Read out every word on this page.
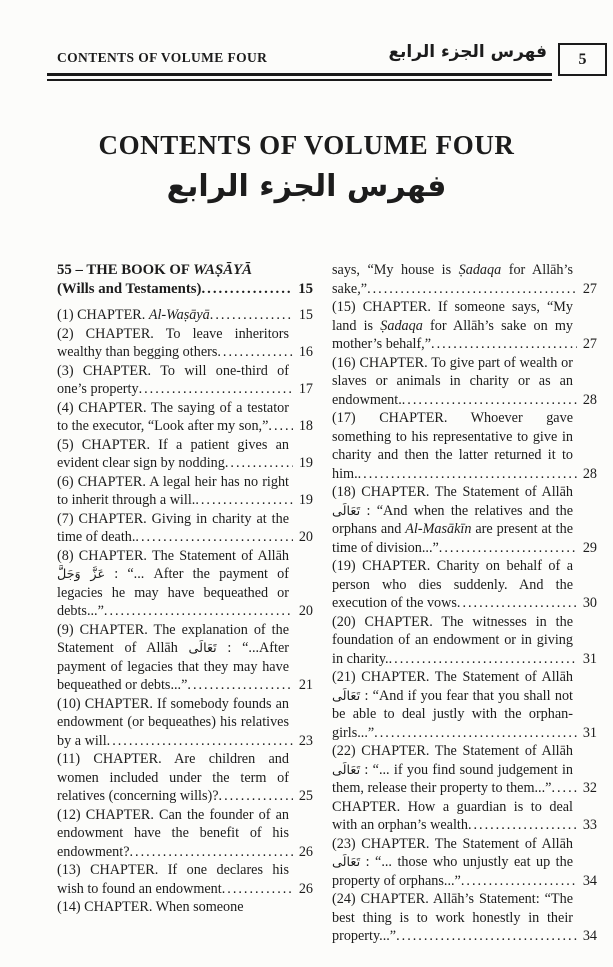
CONTENTS OF VOLUME FOUR	فهرس الجزء الرابع	5
CONTENTS OF VOLUME FOUR
فهرس الجزء الرابع
55 – THE BOOK OF WAṢĀYĀ
(Wills and Testaments) .....	15
(1) CHAPTER. Al-Waṣāyā .....	15
(2) CHAPTER. To leave inheritors wealthy than begging others .....	16
(3) CHAPTER. To will one-third of one’s property .....	17
(4) CHAPTER. The saying of a testator to the executor, “Look after my son,” .....	18
(5) CHAPTER. If a patient gives an evident clear sign by nodding .....	19
(6) CHAPTER. A legal heir has no right to inherit through a will. .....	19
(7) CHAPTER. Giving in charity at the time of death. .....	20
(8) CHAPTER. The Statement of Allāh عَزَّ وَجَلَّ : “... After the payment of legacies he may have bequeathed or debts...” .....	20
(9) CHAPTER. The explanation of the Statement of Allāh تَعَالَى : “...After payment of legacies that they may have bequeathed or debts...” .....	21
(10) CHAPTER. If somebody founds an endowment (or bequeathes) his relatives by a will .....	23
(11) CHAPTER. Are children and women included under the term of relatives (concerning wills)? .....	25
(12) CHAPTER. Can the founder of an endowment have the benefit of his endowment? .....	26
(13) CHAPTER. If one declares his wish to found an endowment .....	26
(14) CHAPTER. When someone
says, “My house is Ṣadaqa for Allāh’s sake,” .....	27
(15) CHAPTER. If someone says, “My land is Ṣadaqa for Allāh’s sake on my mother’s behalf,” .....	27
(16) CHAPTER. To give part of wealth or slaves or animals in charity or as an endowment. .....	28
(17) CHAPTER. Whoever gave something to his representative to give in charity and then the latter returned it to him. .....	28
(18) CHAPTER. The Statement of Allāh تَعَالَى : “And when the relatives and the orphans and Al-Masākīn are present at the time of division...” .....	29
(19) CHAPTER. Charity on behalf of a person who dies suddenly. And the execution of the vows .....	30
(20) CHAPTER. The witnesses in the foundation of an endowment or in giving in charity. .....	31
(21) CHAPTER. The Statement of Allāh تَعَالَى : “And if you fear that you shall not be able to deal justly with the orphan-girls...” .....	31
(22) CHAPTER. The Statement of Allāh تَعَالَى : “... if you find sound judgement in them, release their property to them...” .....	32
CHAPTER. How a guardian is to deal with an orphan’s wealth .....	33
(23) CHAPTER. The Statement of Allāh تَعَالَى : “... those who unjustly eat up the property of orphans...” .....	34
(24) CHAPTER. Allāh’s Statement: “The best thing is to work honestly in their property...” .....	34
